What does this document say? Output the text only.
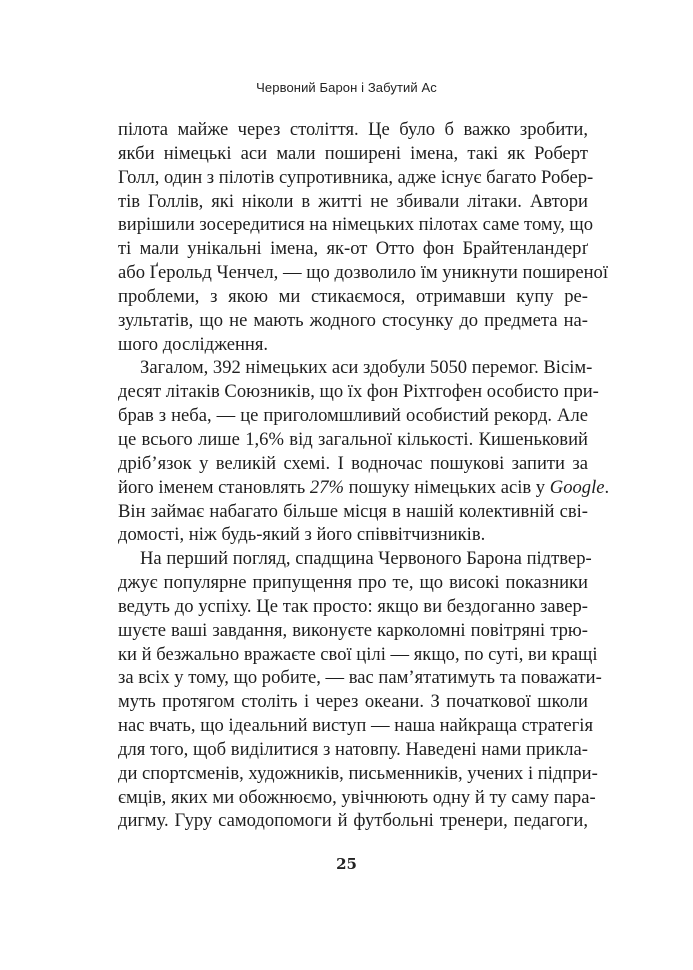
Червоний Барон і Забутий Ас
пілота майже через століття. Це було б важко зробити,
якби німецькі аси мали поширені імена, такі як Роберт
Голл, один з пілотів супротивника, адже існує багато Робер-
тів Голлів, які ніколи в житті не збивали літаки. Автори
вирішили зосередитися на німецьких пілотах саме тому, що
ті мали унікальні імена, як-от Отто фон Брайтенландерґ
або Ґерольд Ченчел, — що дозволило їм уникнути поширеної
проблеми, з якою ми стикаємося, отримавши купу ре-
зультатів, що не мають жодного стосунку до предмета на-
шого дослідження.
Загалом, 392 німецьких аси здобули 5050 перемог. Вісім-
десят літаків Союзників, що їх фон Ріхтгофен особисто при-
брав з неба, — це приголомшливий особистий рекорд. Але
це всього лише 1,6% від загальної кількості. Кишеньковий
дріб’язок у великій схемі. І водночас пошукові запити за
його іменем становлять 27% пошуку німецьких асів у Google.
Він займає набагато більше місця в нашій колективній сві-
домості, ніж будь-який з його співвітчизників.
На перший погляд, спадщина Червоного Барона підтвер-
джує популярне припущення про те, що високі показники
ведуть до успіху. Це так просто: якщо ви бездоганно завер-
шуєте ваші завдання, виконуєте карколомні повітряні трю-
ки й безжально вражаєте свої цілі — якщо, по суті, ви кращі
за всіх у тому, що робите, — вас пам’ятатимуть та поважати-
муть протягом століть і через океани. З початкової школи
нас вчать, що ідеальний виступ — наша найкраща стратегія
для того, щоб виділитися з натовпу. Наведені нами прикла-
ди спортсменів, художників, письменників, учених і підпри-
ємців, яких ми обожнюємо, увічнюють одну й ту саму пара-
дигму. Гуру самодопомоги й футбольні тренери, педагоги,
25
